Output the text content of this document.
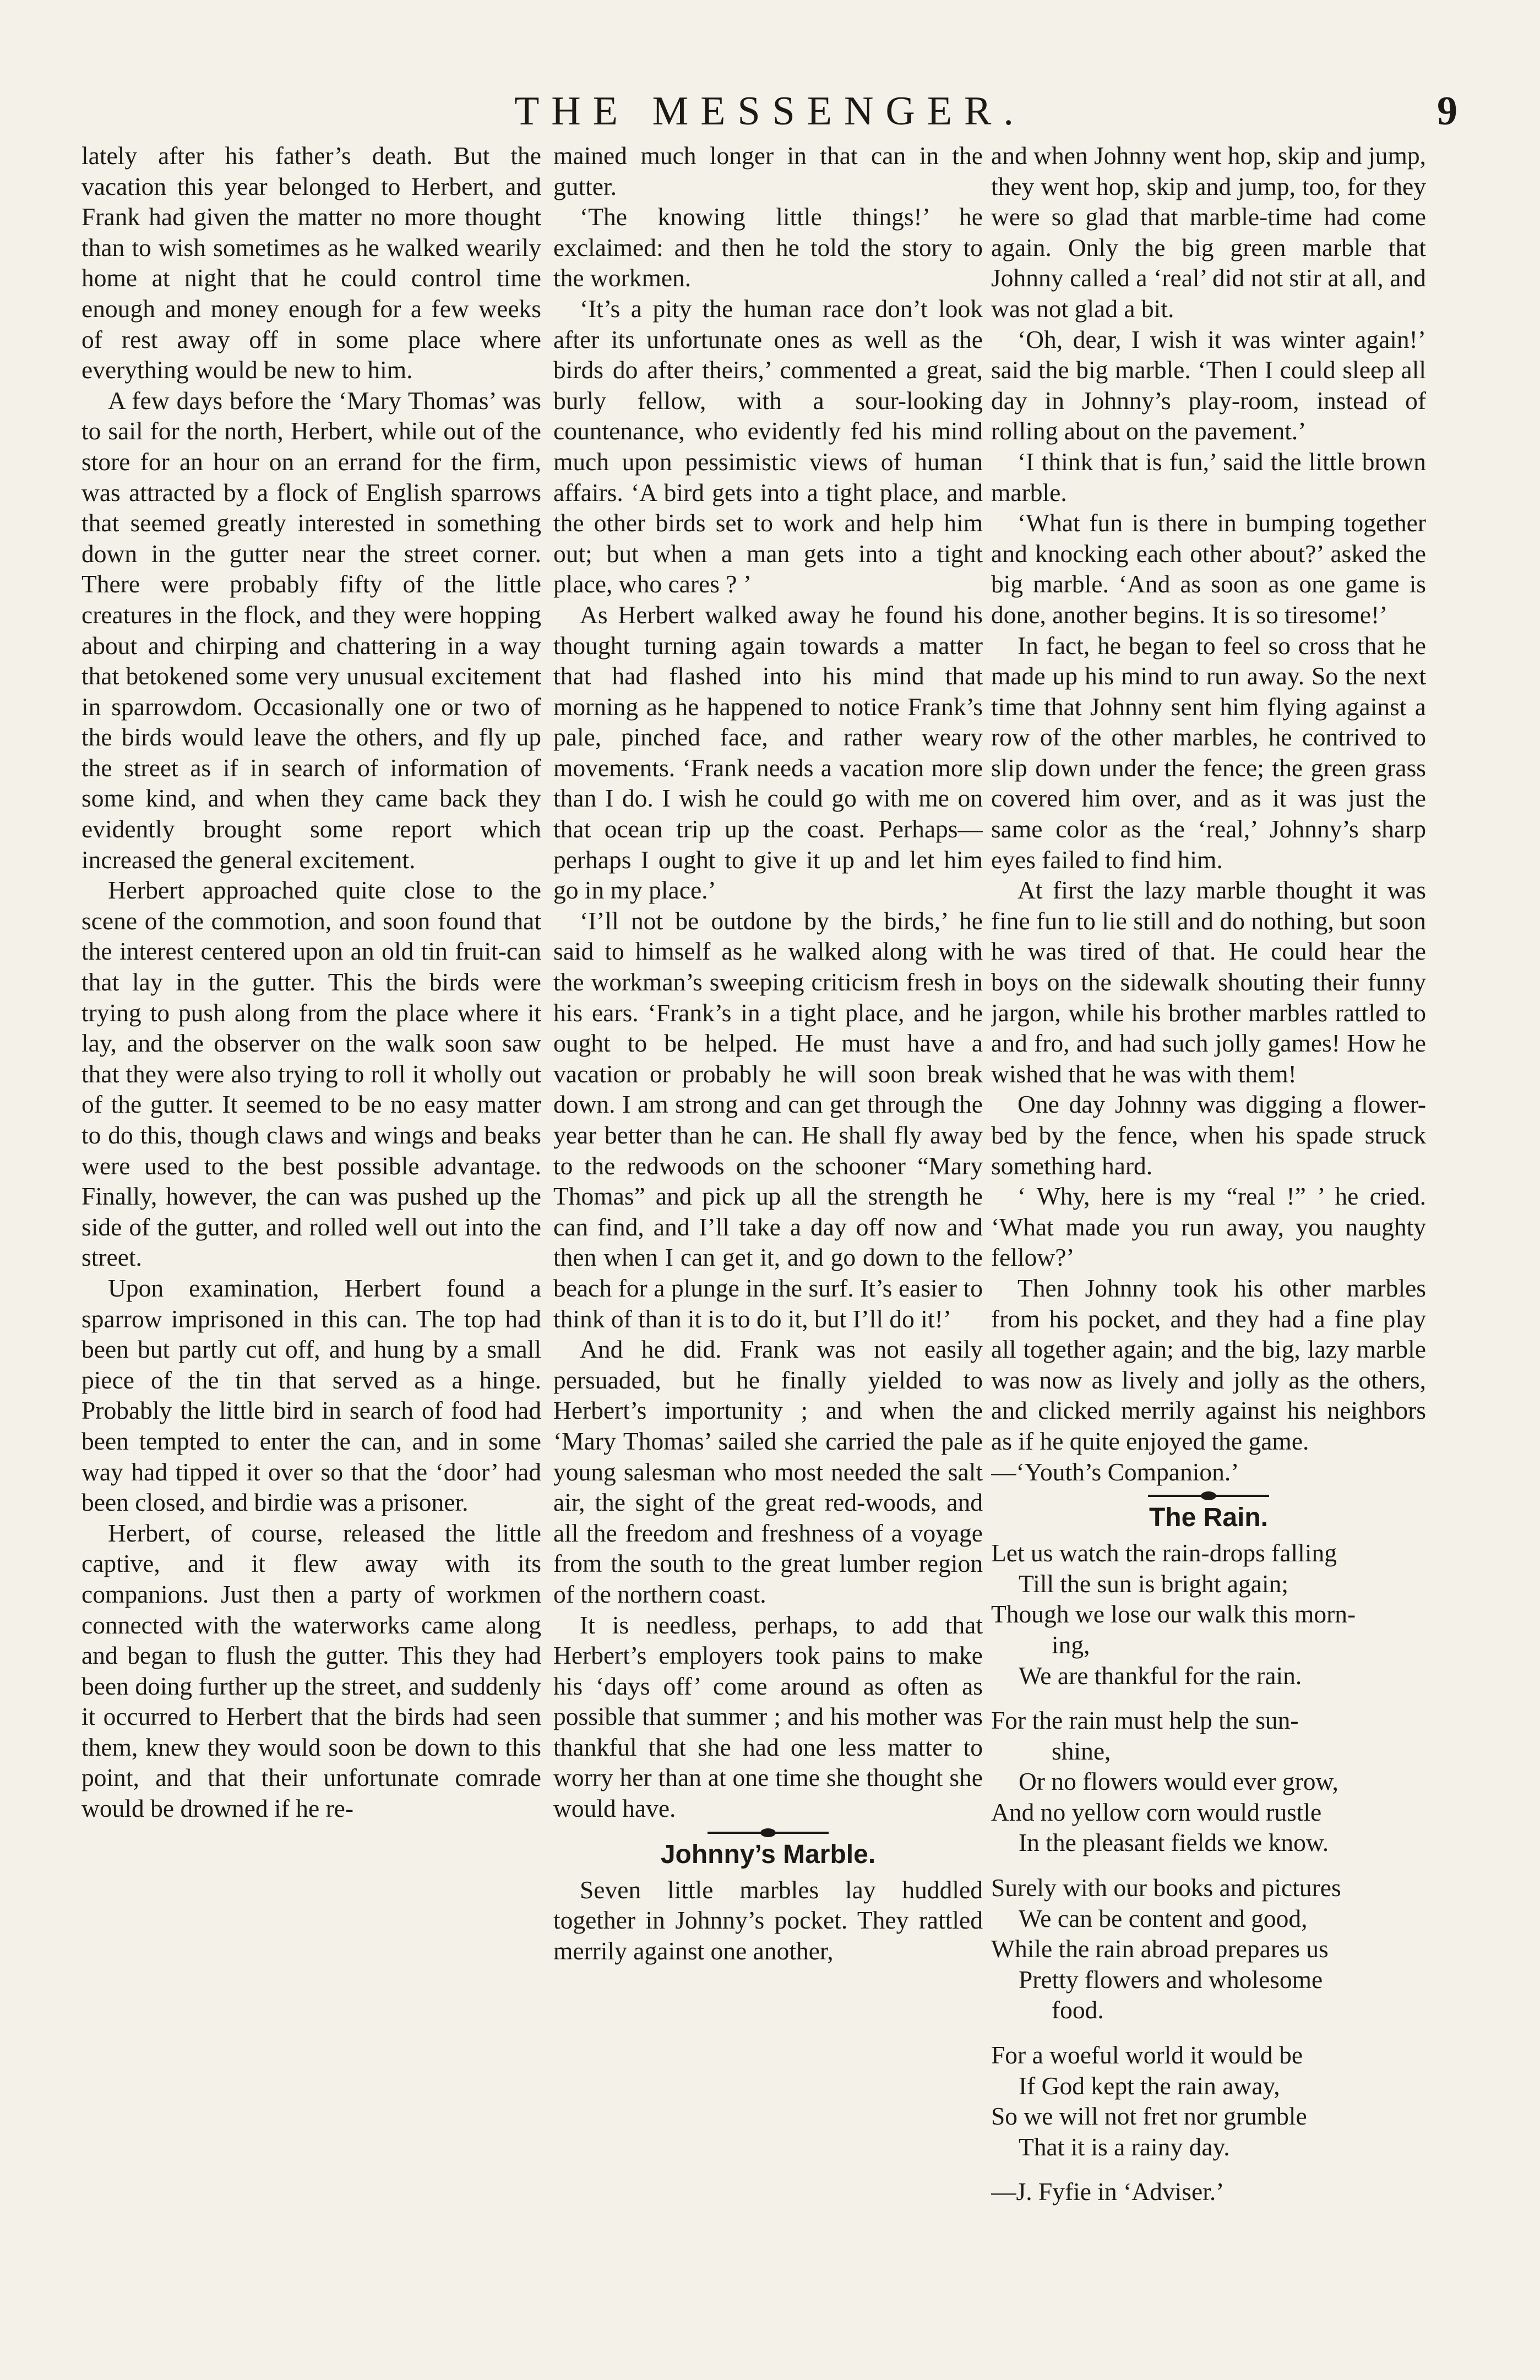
THE MESSENGER.	9

lately after his father’s death. But the vacation this year belonged to Herbert, and Frank had given the matter no more thought than to wish sometimes as he walked wearily home at night that he could control time enough and money enough for a few weeks of rest away off in some place where everything would be new to him.

A few days before the ‘Mary Thomas’ was to sail for the north, Herbert, while out of the store for an hour on an errand for the firm, was attracted by a flock of English sparrows that seemed greatly interested in something down in the gutter near the street corner. There were probably fifty of the little creatures in the flock, and they were hopping about and chirping and chattering in a way that betokened some very unusual excitement in sparrowdom. Occasionally one or two of the birds would leave the others, and fly up the street as if in search of information of some kind, and when they came back they evidently brought some report which increased the general excitement.

Herbert approached quite close to the scene of the commotion, and soon found that the interest centered upon an old tin fruit-can that lay in the gutter. This the birds were trying to push along from the place where it lay, and the observer on the walk soon saw that they were also trying to roll it wholly out of the gutter. It seemed to be no easy matter to do this, though claws and wings and beaks were used to the best possible advantage. Finally, however, the can was pushed up the side of the gutter, and rolled well out into the street.

Upon examination, Herbert found a sparrow imprisoned in this can. The top had been but partly cut off, and hung by a small piece of the tin that served as a hinge. Probably the little bird in search of food had been tempted to enter the can, and in some way had tipped it over so that the ‘door’ had been closed, and birdie was a prisoner.

Herbert, of course, released the little captive, and it flew away with its companions. Just then a party of workmen connected with the waterworks came along and began to flush the gutter. This they had been doing further up the street, and suddenly it occurred to Herbert that the birds had seen them, knew they would soon be down to this point, and that their unfortunate comrade would be drowned if he re-

mained much longer in that can in the gutter.

‘The knowing little things!’ he exclaimed: and then he told the story to the workmen.

‘It’s a pity the human race don’t look after its unfortunate ones as well as the birds do after theirs,’ commented a great, burly fellow, with a sour-looking countenance, who evidently fed his mind much upon pessimistic views of human affairs. ‘A bird gets into a tight place, and the other birds set to work and help him out; but when a man gets into a tight place, who cares ? ’

As Herbert walked away he found his thought turning again towards a matter that had flashed into his mind that morning as he happened to notice Frank’s pale, pinched face, and rather weary movements. ‘Frank needs a vacation more than I do. I wish he could go with me on that ocean trip up the coast. Perhaps—perhaps I ought to give it up and let him go in my place.’

‘I’ll not be outdone by the birds,’ he said to himself as he walked along with the workman’s sweeping criticism fresh in his ears. ‘Frank’s in a tight place, and he ought to be helped. He must have a vacation or probably he will soon break down. I am strong and can get through the year better than he can. He shall fly away to the redwoods on the schooner “Mary Thomas” and pick up all the strength he can find, and I’ll take a day off now and then when I can get it, and go down to the beach for a plunge in the surf. It’s easier to think of than it is to do it, but I’ll do it!’

And he did. Frank was not easily persuaded, but he finally yielded to Herbert’s importunity ; and when the ‘Mary Thomas’ sailed she carried the pale young salesman who most needed the salt air, the sight of the great red-woods, and all the freedom and freshness of a voyage from the south to the great lumber region of the northern coast.

It is needless, perhaps, to add that Herbert’s employers took pains to make his ‘days off’ come around as often as possible that summer ; and his mother was thankful that she had one less matter to worry her than at one time she thought she would have.

Johnny’s Marble.

Seven little marbles lay huddled together in Johnny’s pocket. They rattled merrily against one another,

and when Johnny went hop, skip and jump, they went hop, skip and jump, too, for they were so glad that marble-time had come again. Only the big green marble that Johnny called a ‘real’ did not stir at all, and was not glad a bit.

‘Oh, dear, I wish it was winter again!’ said the big marble. ‘Then I could sleep all day in Johnny’s play-room, instead of rolling about on the pavement.’

‘I think that is fun,’ said the little brown marble.

‘What fun is there in bumping together and knocking each other about?’ asked the big marble. ‘And as soon as one game is done, another begins. It is so tiresome!’

In fact, he began to feel so cross that he made up his mind to run away. So the next time that Johnny sent him flying against a row of the other marbles, he contrived to slip down under the fence; the green grass covered him over, and as it was just the same color as the ‘real,’ Johnny’s sharp eyes failed to find him.

At first the lazy marble thought it was fine fun to lie still and do nothing, but soon he was tired of that. He could hear the boys on the sidewalk shouting their funny jargon, while his brother marbles rattled to and fro, and had such jolly games! How he wished that he was with them!

One day Johnny was digging a flower-bed by the fence, when his spade struck something hard.

‘ Why, here is my “real !” ’ he cried. ‘What made you run away, you naughty fellow?’

Then Johnny took his other marbles from his pocket, and they had a fine play all together again; and the big, lazy marble was now as lively and jolly as the others, and clicked merrily against his neighbors as if he quite enjoyed the game.

—‘Youth’s Companion.’
The Rain.
Let us watch the rain-drops falling
Till the sun is bright again;
Though we lose our walk this morn-
ing,
We are thankful for the rain.
For the rain must help the sun-
shine,
Or no flowers would ever grow,
And no yellow corn would rustle
In the pleasant fields we know.
Surely with our books and pictures
We can be content and good,
While the rain abroad prepares us
Pretty flowers and wholesome
food.
For a woeful world it would be
If God kept the rain away,
So we will not fret nor grumble
That it is a rainy day.
—J. Fyfie in ‘Adviser.’
